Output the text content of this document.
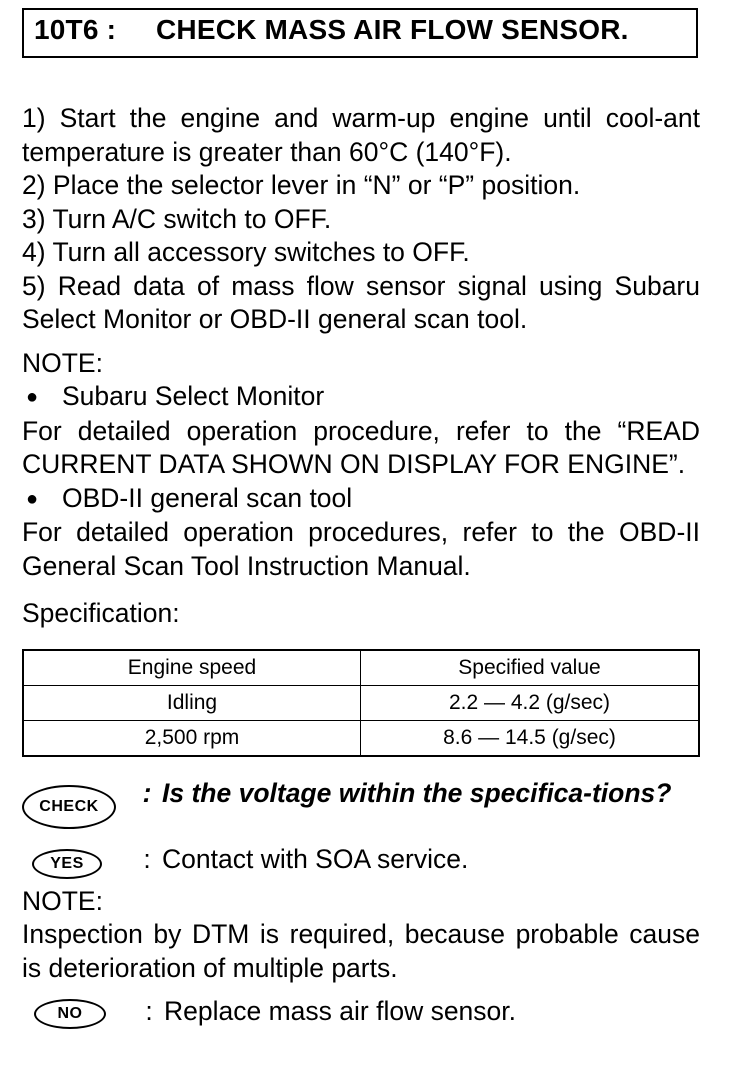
10T6 : CHECK MASS AIR FLOW SENSOR.
1) Start the engine and warm-up engine until cool-ant temperature is greater than 60°C (140°F).
2) Place the selector lever in “N” or “P” position.
3) Turn A/C switch to OFF.
4) Turn all accessory switches to OFF.
5) Read data of mass flow sensor signal using Subaru Select Monitor or OBD-II general scan tool.
NOTE:
● Subaru Select Monitor
For detailed operation procedure, refer to the “READ CURRENT DATA SHOWN ON DISPLAY FOR ENGINE”.
● OBD-II general scan tool
For detailed operation procedures, refer to the OBD-II General Scan Tool Instruction Manual.
Specification:
Engine speed	Specified value
Idling	2.2 — 4.2 (g/sec)
2,500 rpm	8.6 — 14.5 (g/sec)
CHECK	: Is the voltage within the specifica-tions?
YES	: Contact with SOA service.
NOTE:
Inspection by DTM is required, because probable cause is deterioration of multiple parts.
NO	: Replace mass air flow sensor.
